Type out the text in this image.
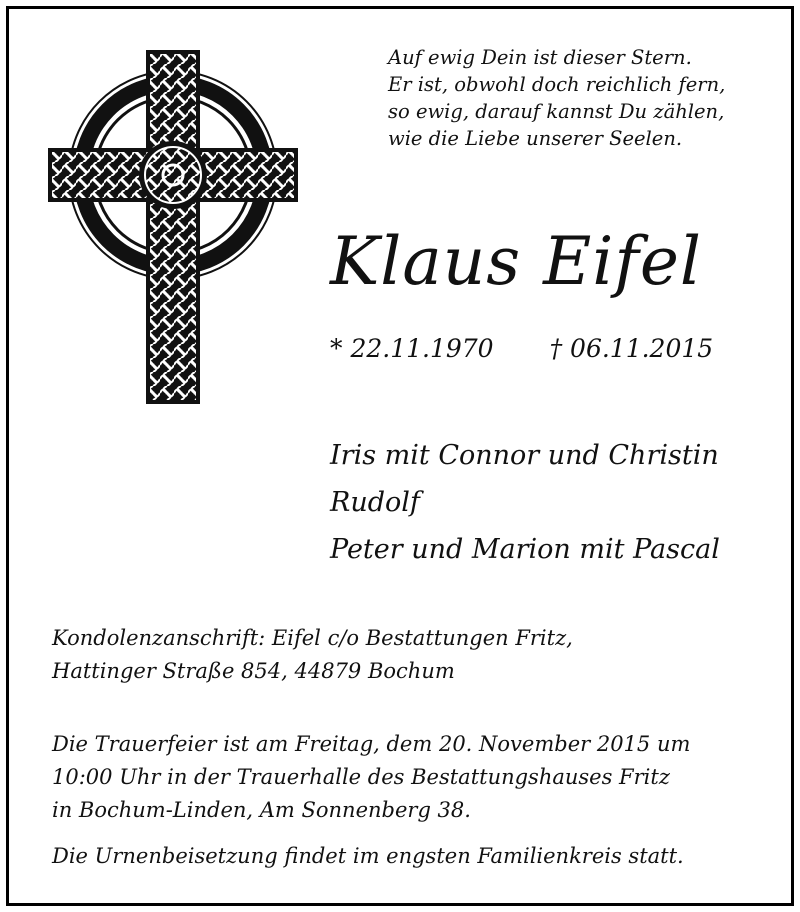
Auf ewig Dein ist dieser Stern.
Er ist, obwohl doch reichlich fern,
so ewig, darauf kannst Du zählen,
wie die Liebe unserer Seelen.
Klaus Eifel
* 22.11.1970 † 06.11.2015
Iris mit Connor und Christin
Rudolf
Peter und Marion mit Pascal
Kondolenzanschrift: Eifel c/o Bestattungen Fritz,
Hattinger Straße 854, 44879 Bochum
Die Trauerfeier ist am Freitag, dem 20. November 2015 um
10:00 Uhr in der Trauerhalle des Bestattungshauses Fritz
in Bochum-Linden, Am Sonnenberg 38.
Die Urnenbeisetzung findet im engsten Familienkreis statt.
